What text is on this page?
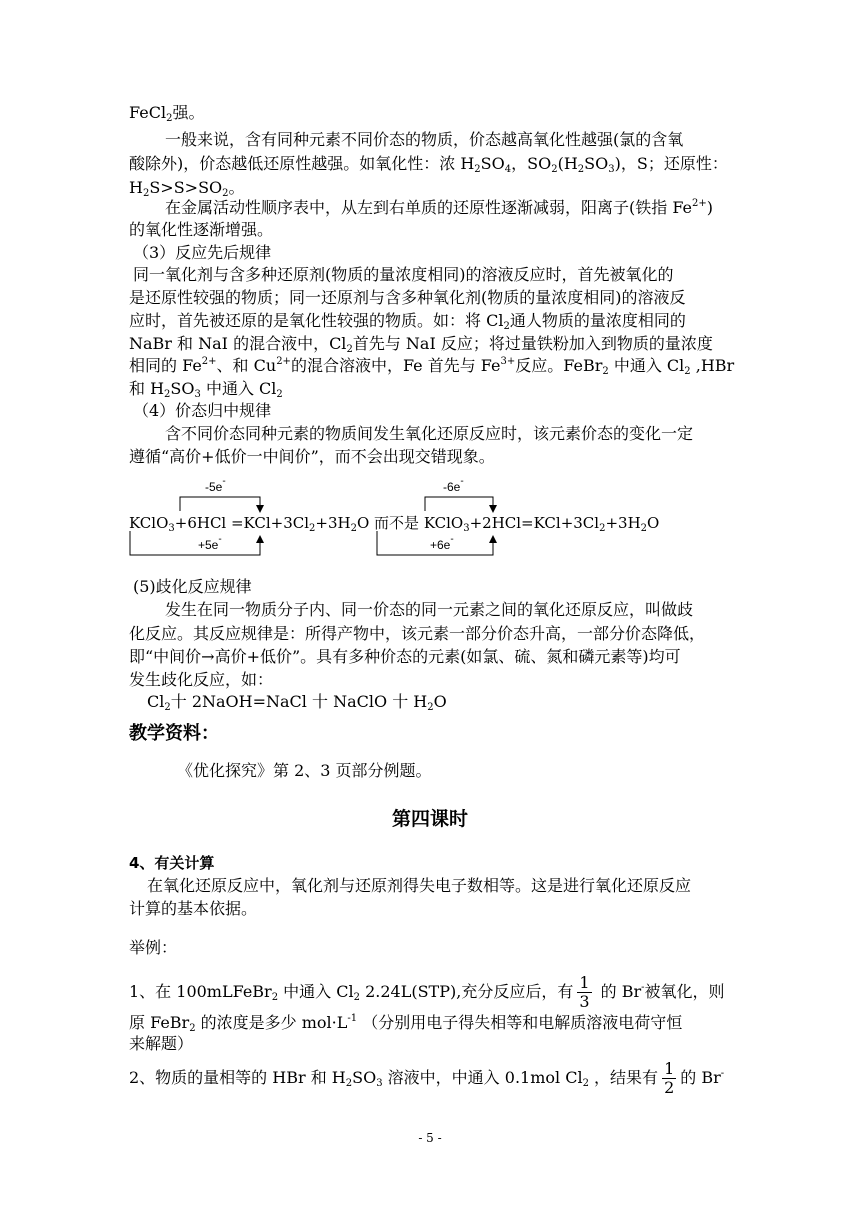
FeCl$_2$强。
一般来说，含有同种元素不同价态的物质，价态越高氧化性越强(氯的含氧
酸除外)，价态越低还原性越强。如氧化性：浓 $H_2SO_4$，$SO_2(H_2SO_3)$，S；还原性：
$H_2S>S>SO_2$。
在金属活动性顺序表中，从左到右单质的还原性逐渐减弱，阳离子(铁指 $Fe^{2+}$)
的氧化性逐渐增强。
（3）反应先后规律
同一氧化剂与含多种还原剂(物质的量浓度相同)的溶液反应时，首先被氧化的
是还原性较强的物质；同一还原剂与含多种氧化剂(物质的量浓度相同)的溶液反
应时，首先被还原的是氧化性较强的物质。如：将 $Cl_2$通人物质的量浓度相同的
NaBr 和 NaI 的混合液中，$Cl_2$首先与 NaI 反应；将过量铁粉加入到物质的量浓度
相同的 $Fe^{2+}$、和 $Cu^{2+}$的混合溶液中，Fe 首先与 $Fe^{3+}$反应。FeBr$_2$ 中通入 $Cl_2$ ,HBr
和 $H_2SO_3$ 中通入 $Cl_2$
（4）价态归中规律
含不同价态同种元素的物质间发生氧化还原反应时，该元素价态的变化一定
遵循“高价+低价一中间价”，而不会出现交错现象。
-5e-
+5e-
-6e-
+6e-
KClO$_3$+6HCl $=KCl+3Cl_2+3H_2O$ 而不是 $KClO_3+2HCl=KCl+3Cl_2+3H_2O$
(5)歧化反应规律
发生在同一物质分子内、同一价态的同一元素之间的氧化还原反应，叫做歧
化反应。其反应规律是：所得产物中，该元素一部分价态升高，一部分价态降低，
即“中间价→高价+低价”。具有多种价态的元素(如氯、硫、氮和磷元素等)均可
发生歧化反应，如：
$Cl_2$十 2NaOH=NaCl 十 NaClO 十 $H_2O$
教学资料：
《优化探究》第 2、3 页部分例题。
第四课时
4、有关计算
在氧化还原反应中，氧化剂与还原剂得失电子数相等。这是进行氧化还原反应
计算的基本依据。
举例：
1、在 100mLFeBr$_2$ 中通入 $Cl_2$ 2.24L(STP),充分反应后，有 $\frac{1}{3}$ 的 Br-被氧化，则
原 FeBr$_2$ 的浓度是多少 $mol\cdot L^{-1}$ （分别用电子得失相等和电解质溶液电荷守恒
来解题）
2、物质的量相等的 HBr 和 $H_2SO_3$ 溶液中，中通入 0.1mol $Cl_2$ ，结果有 $\frac{1}{2}$ 的 Br-
- 5 -
